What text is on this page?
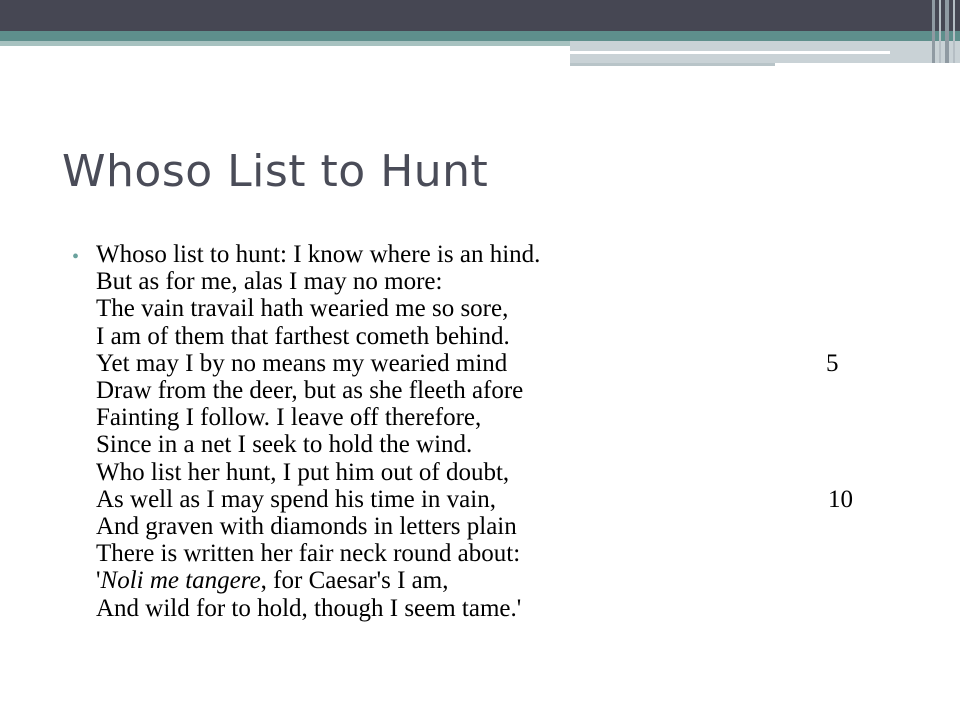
Whoso List to Hunt
• Whoso list to hunt: I know where is an hind.
But as for me, alas I may no more:
The vain travail hath wearied me so sore,
I am of them that farthest cometh behind.
Yet may I by no means my wearied mind	5
Draw from the deer, but as she fleeth afore
Fainting I follow. I leave off therefore,
Since in a net I seek to hold the wind.
Who list her hunt, I put him out of doubt,
As well as I may spend his time in vain,	10
And graven with diamonds in letters plain
There is written her fair neck round about:
'Noli me tangere, for Caesar's I am,
And wild for to hold, though I seem tame.'
